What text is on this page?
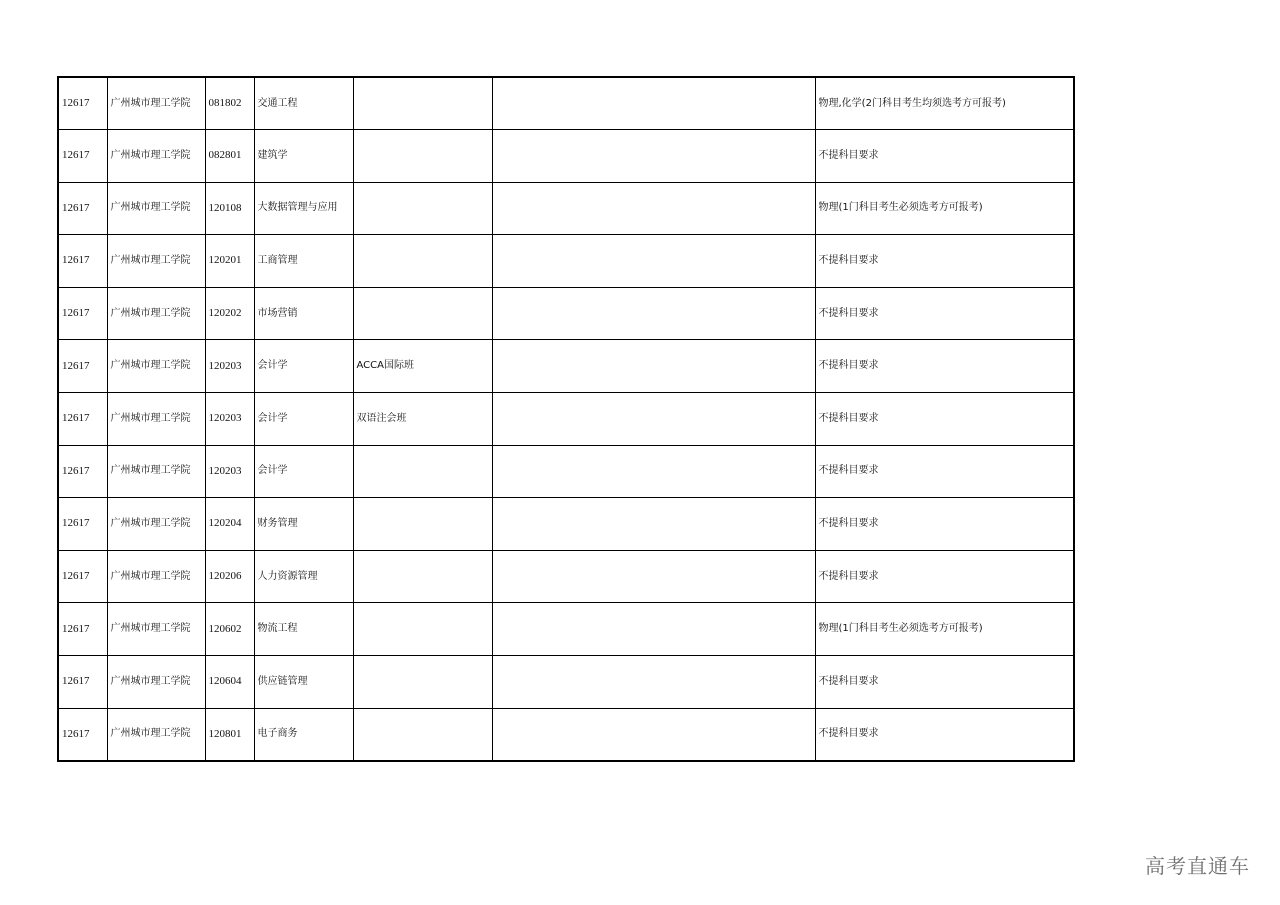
12617	广州城市理工学院	081802	交通工程			物理,化学(2门科目考生均须选考方可报考)
12617	广州城市理工学院	082801	建筑学			不提科目要求
12617	广州城市理工学院	120108	大数据管理与应用			物理(1门科目考生必须选考方可报考)
12617	广州城市理工学院	120201	工商管理			不提科目要求
12617	广州城市理工学院	120202	市场营销			不提科目要求
12617	广州城市理工学院	120203	会计学	ACCA国际班		不提科目要求
12617	广州城市理工学院	120203	会计学	双语注会班		不提科目要求
12617	广州城市理工学院	120203	会计学			不提科目要求
12617	广州城市理工学院	120204	财务管理			不提科目要求
12617	广州城市理工学院	120206	人力资源管理			不提科目要求
12617	广州城市理工学院	120602	物流工程			物理(1门科目考生必须选考方可报考)
12617	广州城市理工学院	120604	供应链管理			不提科目要求
12617	广州城市理工学院	120801	电子商务			不提科目要求
高考直通车
